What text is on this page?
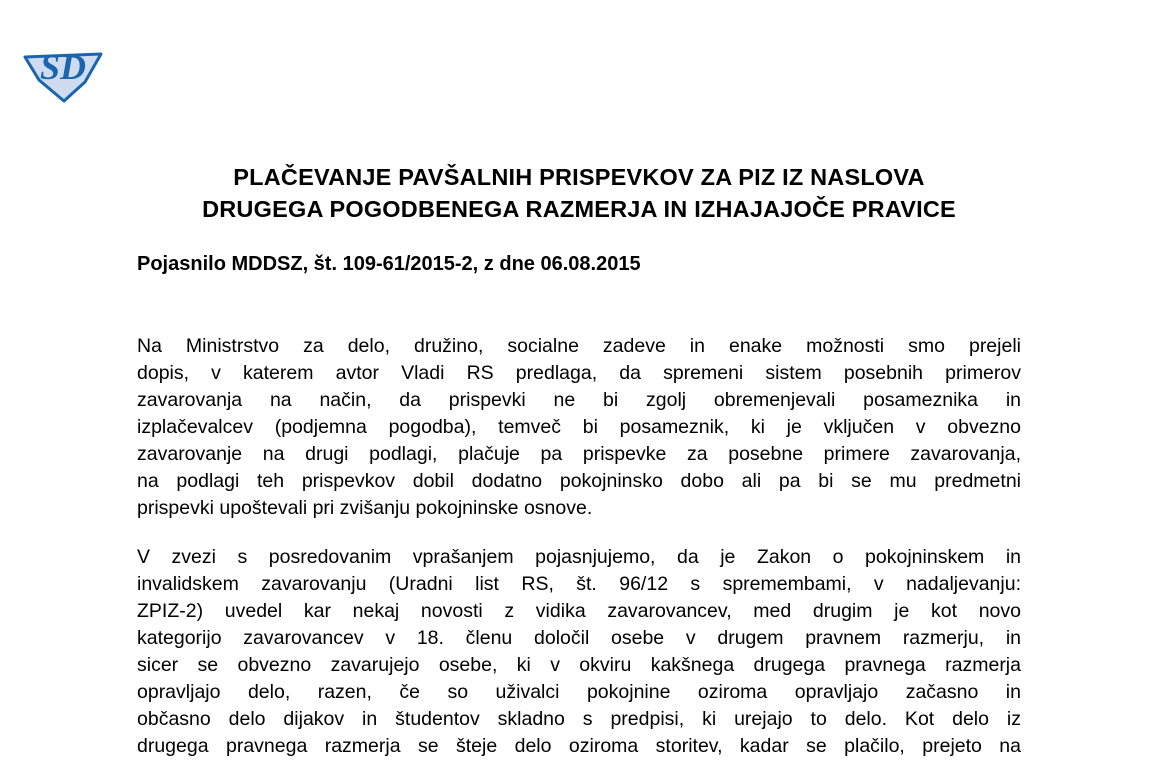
SD
PLAČEVANJE PAVŠALNIH PRISPEVKOV ZA PIZ IZ NASLOVA
DRUGEGA POGODBENEGA RAZMERJA IN IZHAJAJOČE PRAVICE
Pojasnilo MDDSZ, št. 109-61/2015-2, z dne 06.08.2015
Na Ministrstvo za delo, družino, socialne zadeve in enake možnosti smo prejeli
dopis, v katerem avtor Vladi RS predlaga, da spremeni sistem posebnih primerov
zavarovanja na način, da prispevki ne bi zgolj obremenjevali posameznika in
izplačevalcev (podjemna pogodba), temveč bi posameznik, ki je vključen v obvezno
zavarovanje na drugi podlagi, plačuje pa prispevke za posebne primere zavarovanja,
na podlagi teh prispevkov dobil dodatno pokojninsko dobo ali pa bi se mu predmetni
prispevki upoštevali pri zvišanju pokojninske osnove.
V zvezi s posredovanim vprašanjem pojasnjujemo, da je Zakon o pokojninskem in
invalidskem zavarovanju (Uradni list RS, št. 96/12 s spremembami, v nadaljevanju:
ZPIZ-2) uvedel kar nekaj novosti z vidika zavarovancev, med drugim je kot novo
kategorijo zavarovancev v 18. členu določil osebe v drugem pravnem razmerju, in
sicer se obvezno zavarujejo osebe, ki v okviru kakšnega drugega pravnega razmerja
opravljajo delo, razen, če so uživalci pokojnine oziroma opravljajo začasno in
občasno delo dijakov in študentov skladno s predpisi, ki urejajo to delo. Kot delo iz
drugega pravnega razmerja se šteje delo oziroma storitev, kadar se plačilo, prejeto na
